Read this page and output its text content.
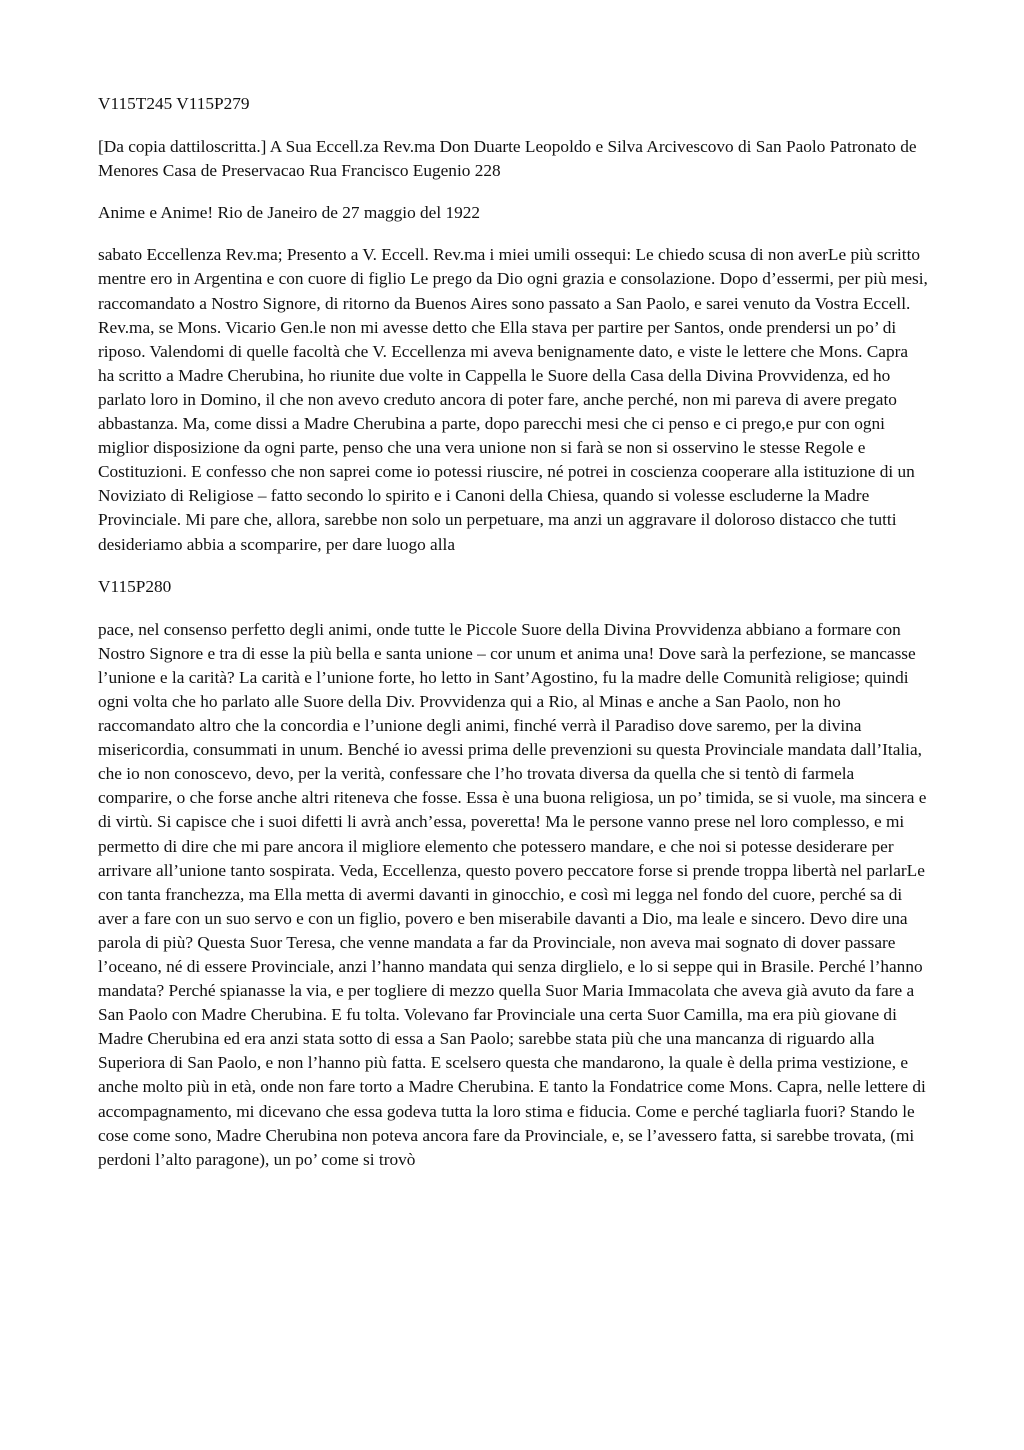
V115T245 V115P279

[Da copia dattiloscritta.] A Sua Eccell.za Rev.ma Don Duarte Leopoldo e Silva Arcivescovo di San Paolo Patronato de Menores Casa de Preservacao Rua Francisco Eugenio 228

Anime e Anime! Rio de Janeiro de 27 maggio del 1922

sabato Eccellenza Rev.ma; Presento a V. Eccell. Rev.ma i miei umili ossequi: Le chiedo scusa di non averLe più scritto mentre ero in Argentina e con cuore di figlio Le prego da Dio ogni grazia e consolazione. Dopo d’essermi, per più mesi, raccomandato a Nostro Signore, di ritorno da Buenos Aires sono passato a San Paolo, e sarei venuto da Vostra Eccell. Rev.ma, se Mons. Vicario Gen.le non mi avesse detto che Ella stava per partire per Santos, onde prendersi un po’ di riposo. Valendomi di quelle facoltà che V. Eccellenza mi aveva benignamente dato, e viste le lettere che Mons. Capra ha scritto a Madre Cherubina, ho riunite due volte in Cappella le Suore della Casa della Divina Provvidenza, ed ho parlato loro in Domino, il che non avevo creduto ancora di poter fare, anche perché, non mi pareva di avere pregato abbastanza. Ma, come dissi a Madre Cherubina a parte, dopo parecchi mesi che ci penso e ci prego,e pur con ogni miglior disposizione da ogni parte, penso che una vera unione non si farà se non si osservino le stesse Regole e Costituzioni. E confesso che non saprei come io potessi riuscire, né potrei in coscienza cooperare alla istituzione di un Noviziato di Religiose – fatto secondo lo spirito e i Canoni della Chiesa, quando si volesse escluderne la Madre Provinciale. Mi pare che, allora, sarebbe non solo un perpetuare, ma anzi un aggravare il doloroso distacco che tutti desideriamo abbia a scomparire, per dare luogo alla

V115P280

pace, nel consenso perfetto degli animi, onde tutte le Piccole Suore della Divina Provvidenza abbiano a formare con Nostro Signore e tra di esse la più bella e santa unione – cor unum et anima una! Dove sarà la perfezione, se mancasse l’unione e la carità? La carità e l’unione forte, ho letto in Sant’Agostino, fu la madre delle Comunità religiose; quindi ogni volta che ho parlato alle Suore della Div. Provvidenza qui a Rio, al Minas e anche a San Paolo, non ho raccomandato altro che la concordia e l’unione degli animi, finché verrà il Paradiso dove saremo, per la divina misericordia, consummati in unum. Benché io avessi prima delle prevenzioni su questa Provinciale mandata dall’Italia, che io non conoscevo, devo, per la verità, confessare che l’ho trovata diversa da quella che si tentò di farmela comparire, o che forse anche altri riteneva che fosse. Essa è una buona religiosa, un po’ timida, se si vuole, ma sincera e di virtù. Si capisce che i suoi difetti li avrà anch’essa, poveretta! Ma le persone vanno prese nel loro complesso, e mi permetto di dire che mi pare ancora il migliore elemento che potessero mandare, e che noi si potesse desiderare per arrivare all’unione tanto sospirata. Veda, Eccellenza, questo povero peccatore forse si prende troppa libertà nel parlarLe con tanta franchezza, ma Ella metta di avermi davanti in ginocchio, e così mi legga nel fondo del cuore, perché sa di aver a fare con un suo servo e con un figlio, povero e ben miserabile davanti a Dio, ma leale e sincero. Devo dire una parola di più? Questa Suor Teresa, che venne mandata a far da Provinciale, non aveva mai sognato di dover passare l’oceano, né di essere Provinciale, anzi l’hanno mandata qui senza dirglielo, e lo si seppe qui in Brasile. Perché l’hanno mandata? Perché spianasse la via, e per togliere di mezzo quella Suor Maria Immacolata che aveva già avuto da fare a San Paolo con Madre Cherubina. E fu tolta. Volevano far Provinciale una certa Suor Camilla, ma era più giovane di Madre Cherubina ed era anzi stata sotto di essa a San Paolo; sarebbe stata più che una mancanza di riguardo alla Superiora di San Paolo, e non l’hanno più fatta. E scelsero questa che mandarono, la quale è della prima vestizione, e anche molto più in età, onde non fare torto a Madre Cherubina. E tanto la Fondatrice come Mons. Capra, nelle lettere di accompagnamento, mi dicevano che essa godeva tutta la loro stima e fiducia. Come e perché tagliarla fuori? Stando le cose come sono, Madre Cherubina non poteva ancora fare da Provinciale, e, se l’avessero fatta, si sarebbe trovata, (mi perdoni l’alto paragone), un po’ come si trovò
